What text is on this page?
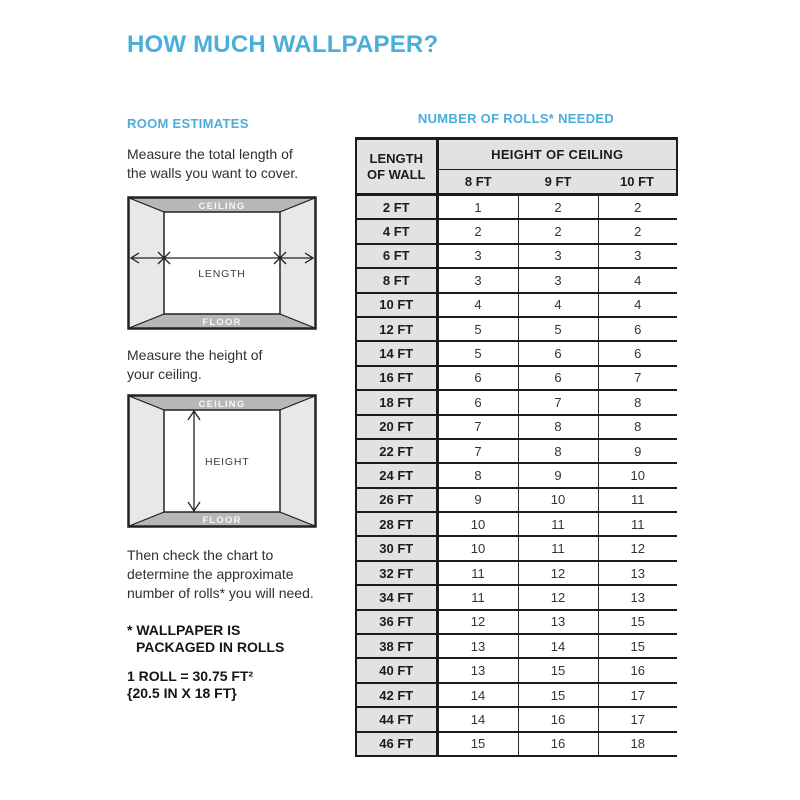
HOW MUCH WALLPAPER?
ROOM ESTIMATES

Measure the total length of
the walls you want to cover.

CEILING
FLOOR
LENGTH

Measure the height of
your ceiling.

CEILING
FLOOR
HEIGHT

Then check the chart to
determine the approximate
number of rolls* you will need.

* WALLPAPER IS
PACKAGED IN ROLLS

1 ROLL = 30.75 FT²
{20.5 IN X 18 FT}

NUMBER OF ROLLS* NEEDED
LENGTH
OF WALL	HEIGHT OF CEILING		
	8 FT	9 FT	10 FT
2 FT	1	2	2
4 FT	2	2	2
6 FT	3	3	3
8 FT	3	3	4
10 FT	4	4	4
12 FT	5	5	6
14 FT	5	6	6
16 FT	6	6	7
18 FT	6	7	8
20 FT	7	8	8
22 FT	7	8	9
24 FT	8	9	10
26 FT	9	10	11
28 FT	10	11	11
30 FT	10	11	12
32 FT	11	12	13
34 FT	11	12	13
36 FT	12	13	15
38 FT	13	14	15
40 FT	13	15	16
42 FT	14	15	17
44 FT	14	16	17
46 FT	15	16	18
